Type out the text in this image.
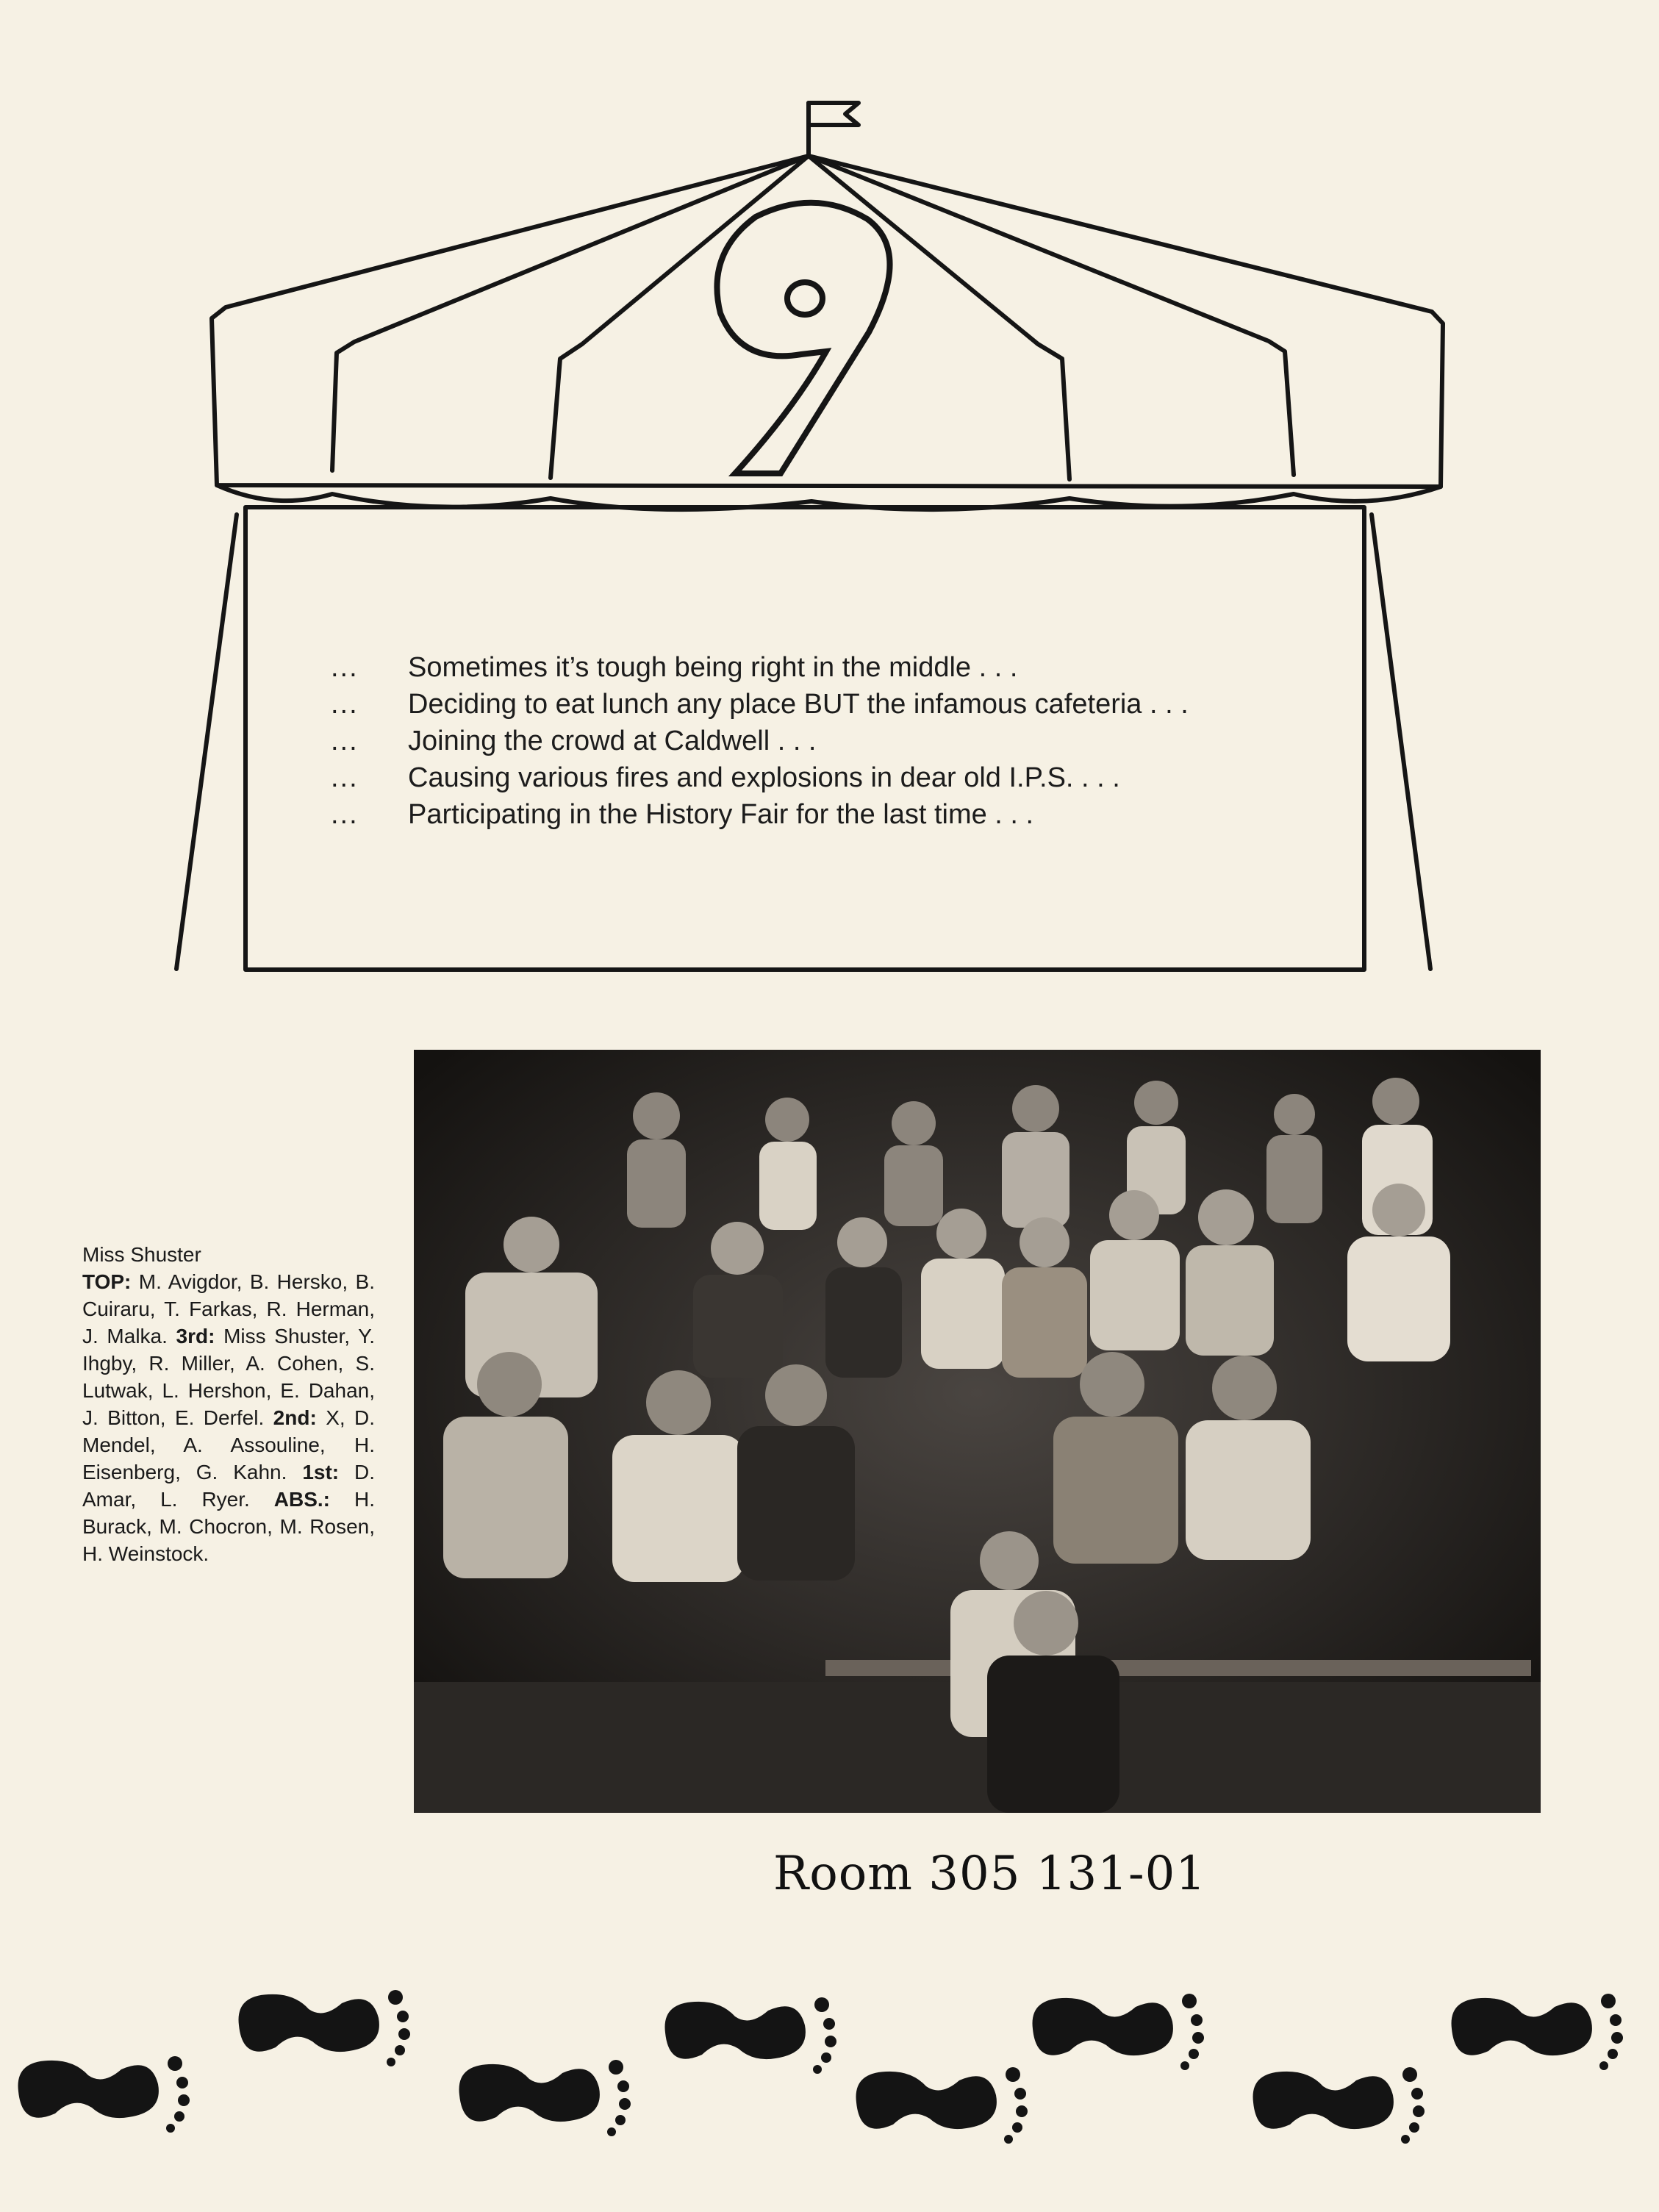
...	Sometimes it’s tough being right in the middle . . .
...	Deciding to eat lunch any place BUT the infamous cafeteria . . .
...	Joining the crowd at Caldwell . . .
...	Causing various fires and explosions in dear old I.P.S. . . .
...	Participating in the History Fair for the last time . . .
Miss Shuster
TOP: M. Avigdor, B. Hersko, B. Cuiraru, T. Farkas, R. Herman, J. Malka. 3rd: Miss Shuster, Y. Ihgby, R. Miller, A. Cohen, S. Lutwak, L. Hershon, E. Dahan, J. Bitton, E. Derfel. 2nd: X, D. Mendel, A. Assouline, H. Eisenberg, G. Kahn. 1st: D. Amar, L. Ryer. ABS.: H. Burack, M. Chocron, M. Rosen, H. Weinstock.
Room 305 131-01
